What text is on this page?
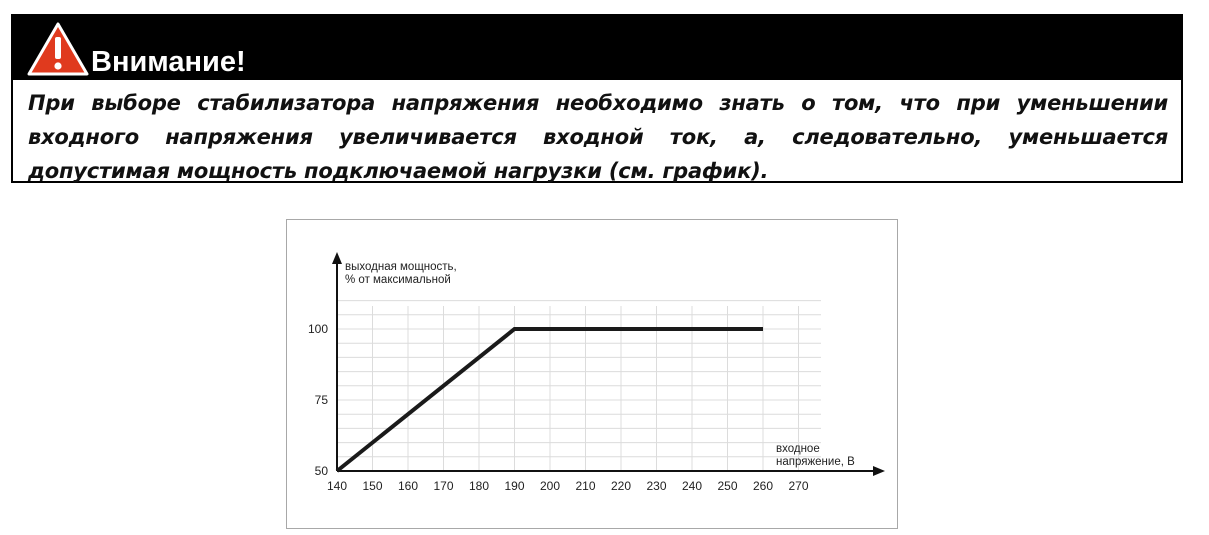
Внимание!
При выборе стабилизатора напряжения необходимо знать о том, что при уменьшении входного напряжения увеличивается входной ток, а, следовательно, уменьшается допустимая мощность подключаемой нагрузки (см. график).
140 150 160 170 180 190 200 210 220 230 240 250 260 270
50
75
100
выходная мощность,
% от максимальной
входное
напряжение, В
